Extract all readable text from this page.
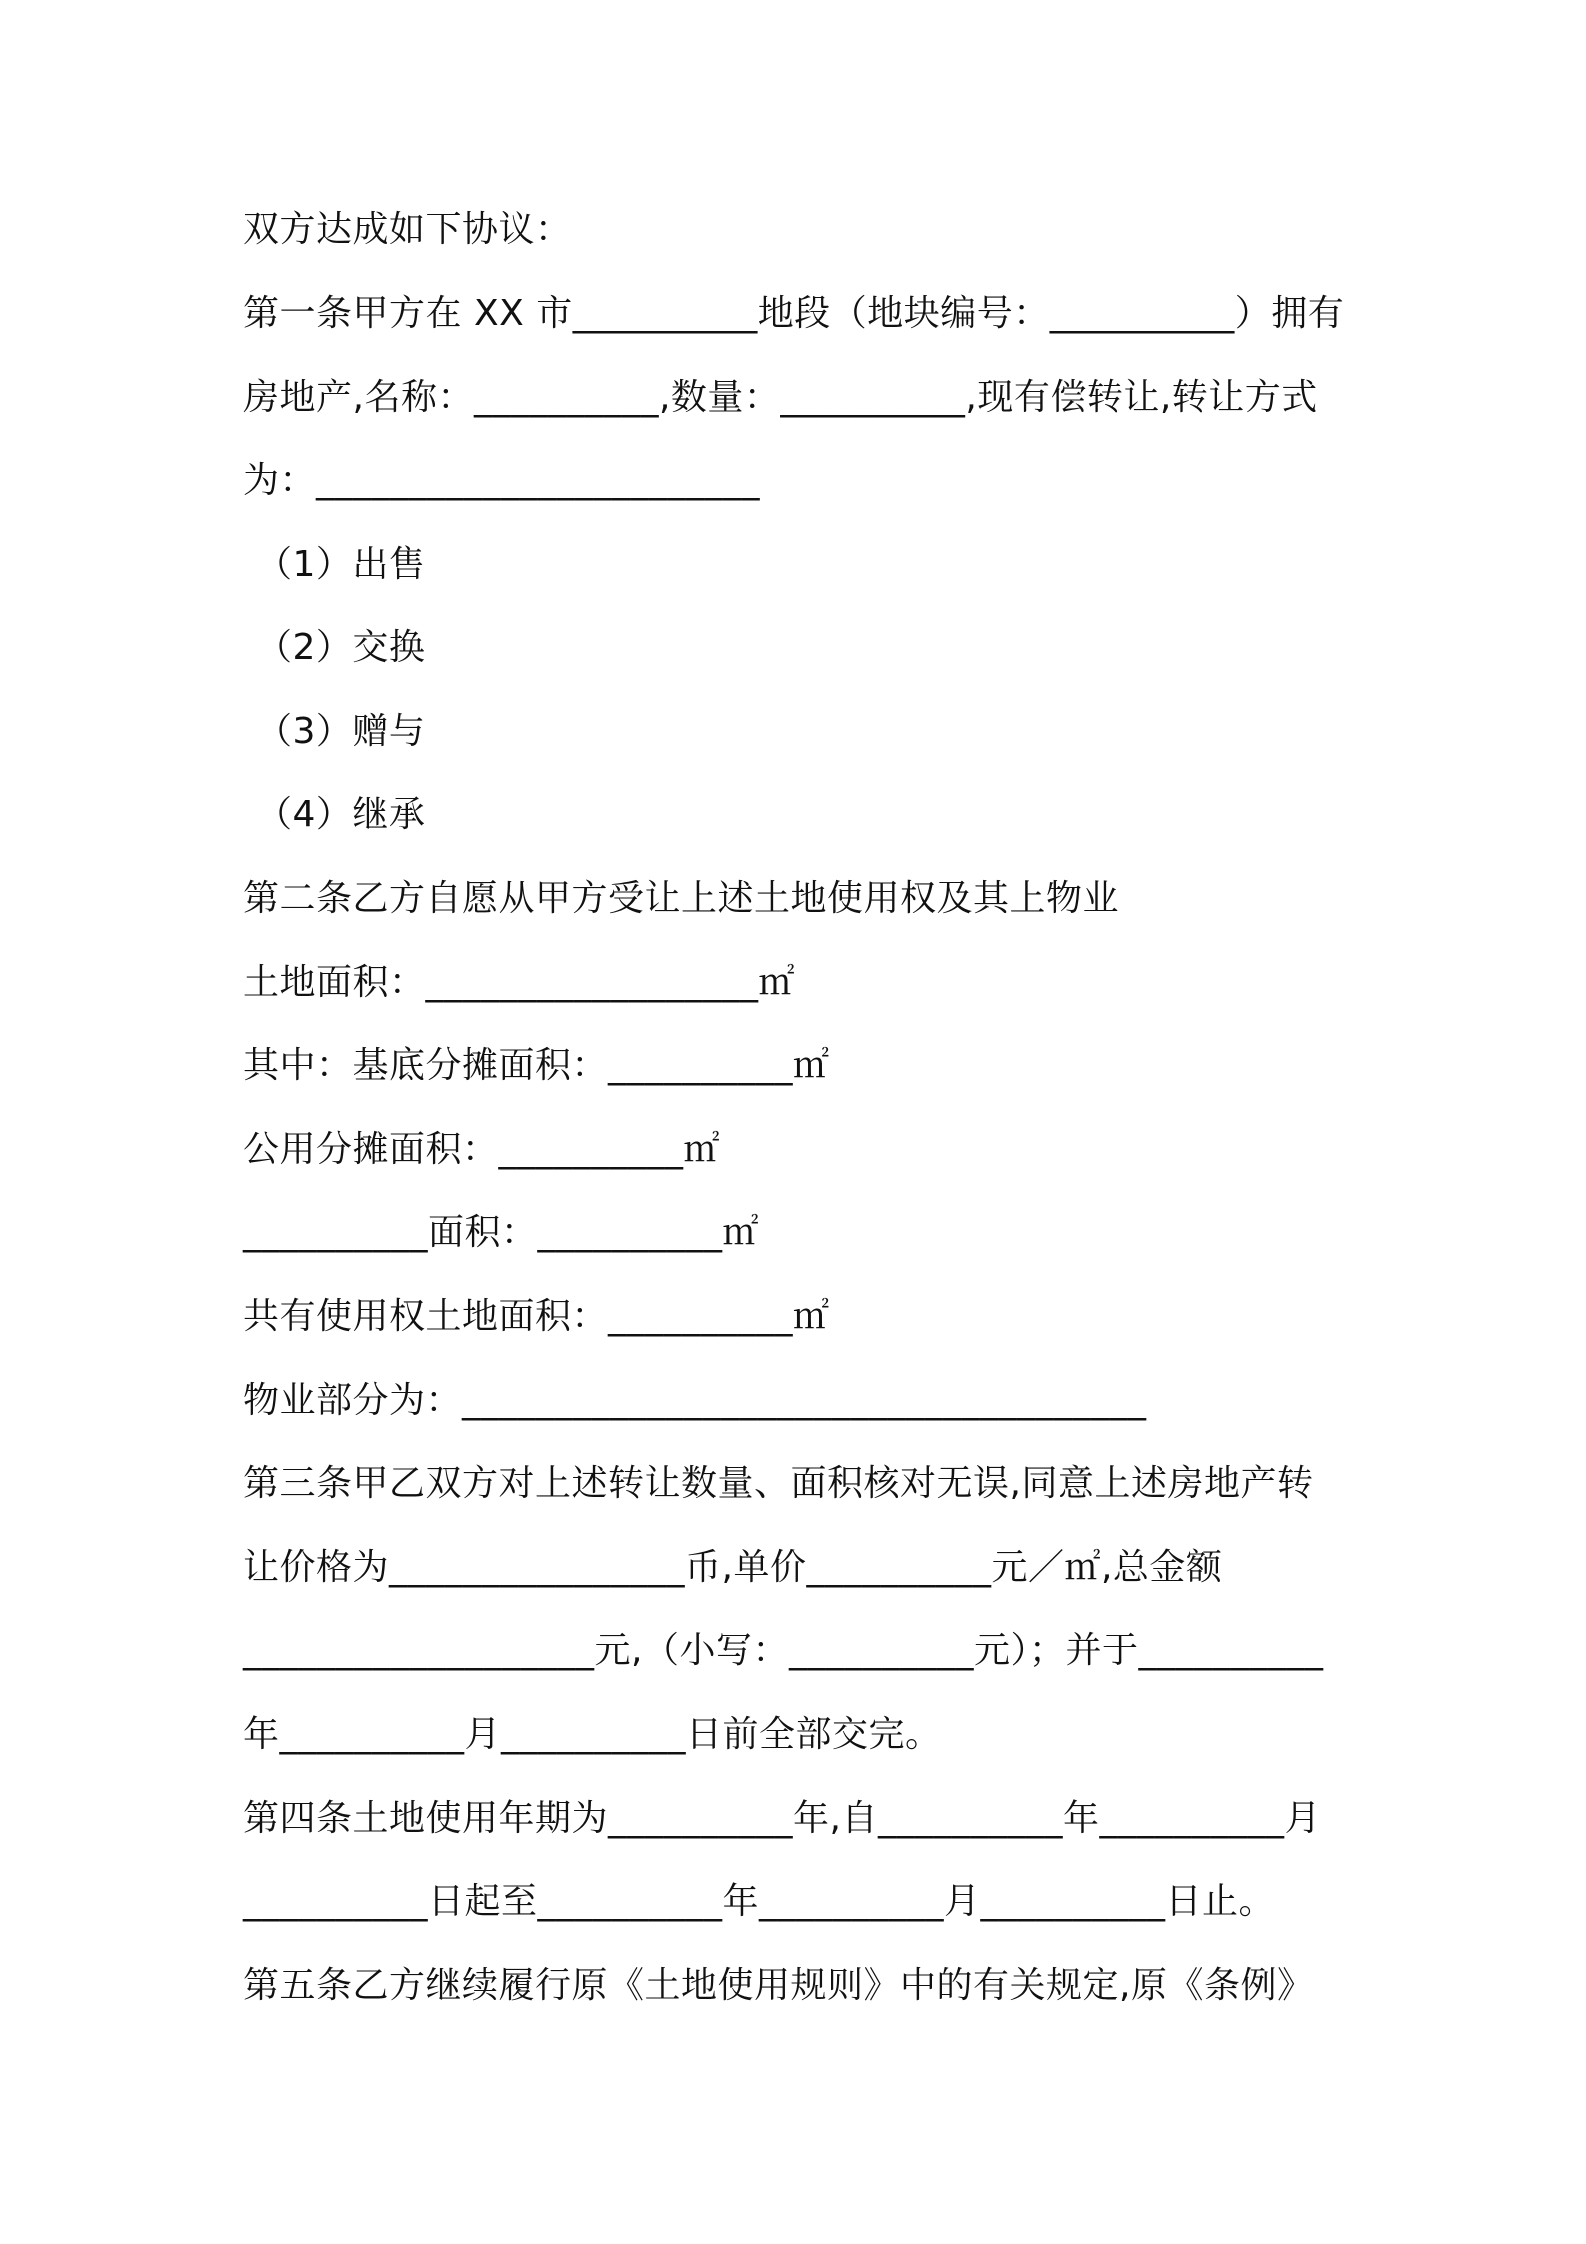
双方达成如下协议：
第一条甲方在 XX 市__________地段（地块编号：__________）拥有
房地产,名称：__________,数量：__________,现有偿转让,转让方式
为：________________________
（1）出售
（2）交换
（3）赠与
（4）继承
第二条乙方自愿从甲方受让上述土地使用权及其上物业
土地面积：__________________㎡
其中：基底分摊面积：__________㎡
公用分摊面积：__________㎡
__________面积：__________㎡
共有使用权土地面积：__________㎡
物业部分为：_____________________________________
第三条甲乙双方对上述转让数量、面积核对无误,同意上述房地产转
让价格为________________币,单价__________元／㎡,总金额
___________________元,（小写：__________元）；并于__________
年__________月__________日前全部交完。
第四条土地使用年期为__________年,自__________年__________月
__________日起至__________年__________月__________日止。
第五条乙方继续履行原《土地使用规则》中的有关规定,原《条例》
